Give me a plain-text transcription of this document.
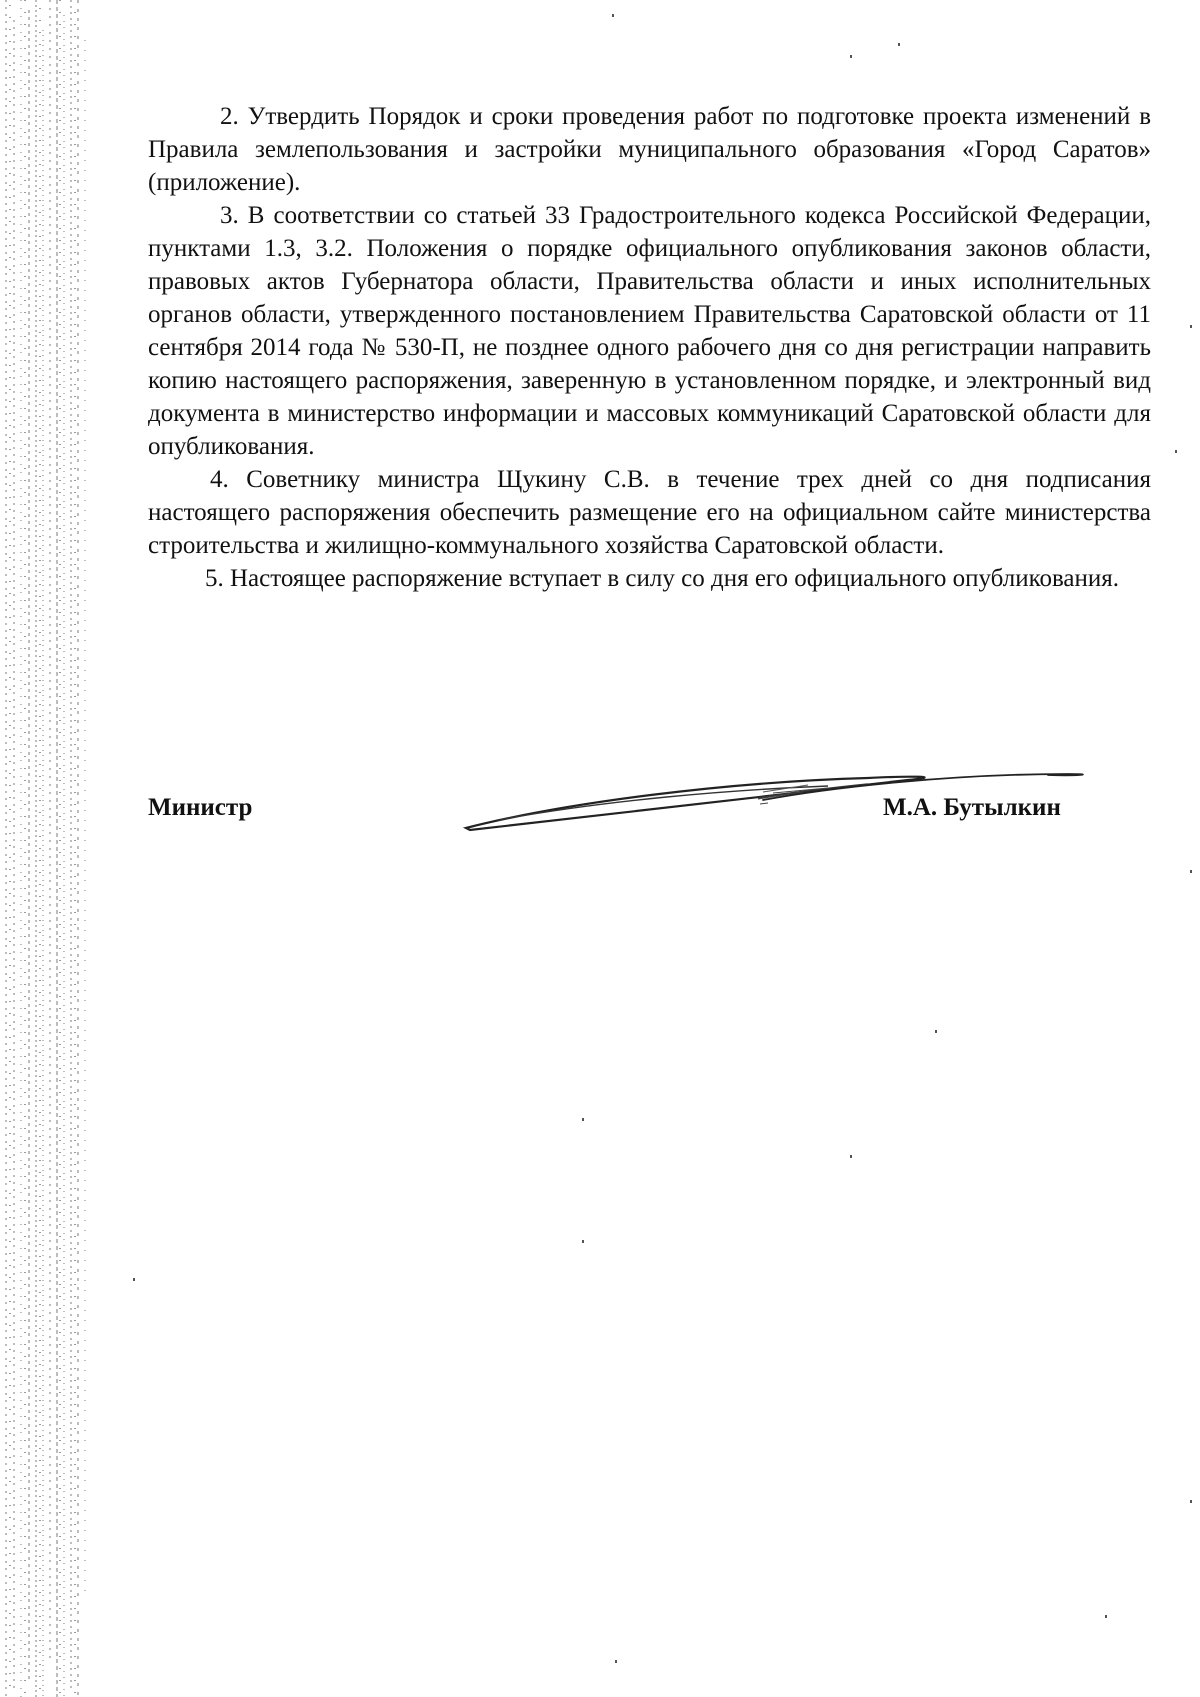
2. Утвердить Порядок и сроки проведения работ по подготовке проекта изменений в Правила землепользования и застройки муниципального образования «Город Саратов» (приложение).

3. В соответствии со статьей 33 Градостроительного кодекса Российской Федерации, пунктами 1.3, 3.2. Положения о порядке официального опубликования законов области, правовых актов Губернатора области, Правительства области и иных исполнительных органов области, утвержденного постановлением Правительства Саратовской области от 11 сентября 2014 года № 530-П, не позднее одного рабочего дня со дня регистрации направить копию настоящего распоряжения, заверенную в установленном порядке, и электронный вид документа в министерство информации и массовых коммуникаций Саратовской области для опубликования.

4. Советнику министра Щукину С.В. в течение трех дней со дня подписания настоящего распоряжения обеспечить размещение его на официальном сайте министерства строительства и жилищно-коммунального хозяйства Саратовской области.

5. Настоящее распоряжение вступает в силу со дня его официального опубликования.

Министр	М.А. Бутылкин
